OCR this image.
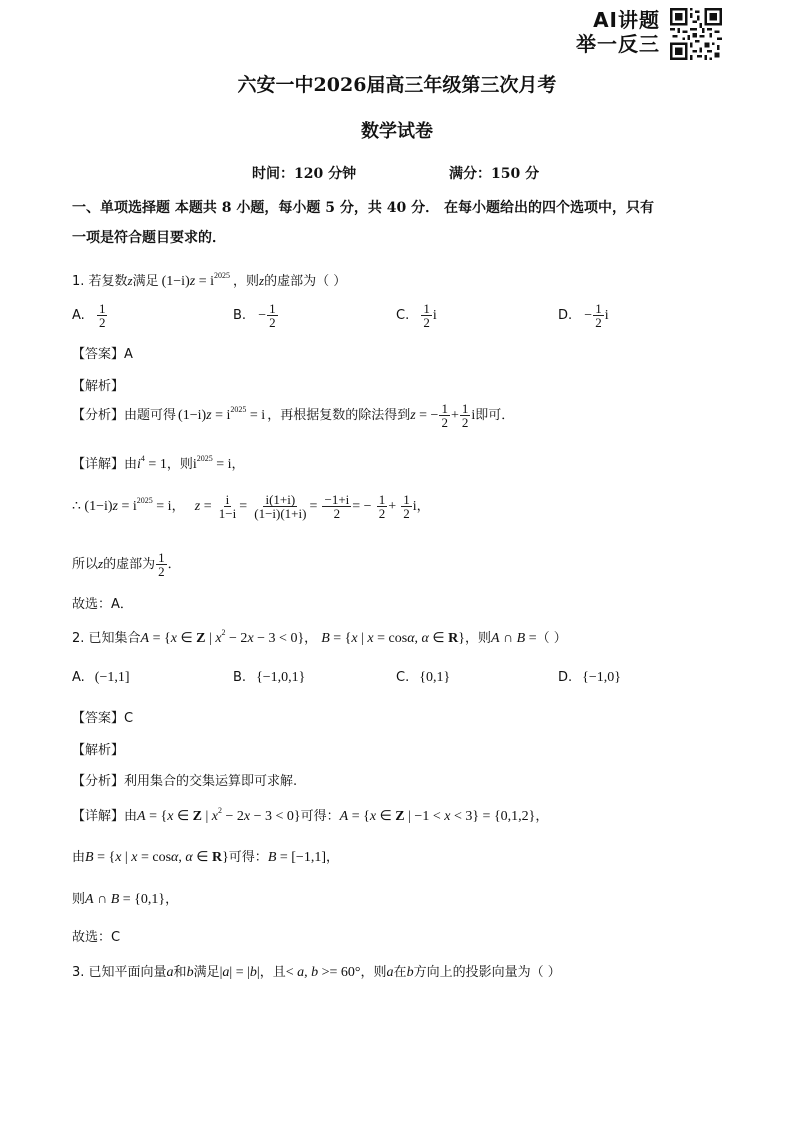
AI讲题
举一反三
六安一中2026届高三年级第三次月考
数学试卷
时间：120 分钟	满分：150 分
一、单项选择题 本题共 8 小题，每小题 5 分，共 40 分． 在每小题给出的四个选项中，只有
一项是符合题目要求的．
1. 若复数z满足 $(1-i)z = i^{2025}$ ，则z的虚部为（ ）
A. $\frac{1}{2}$	B. − $\frac{1}{2}$	C. $\frac{1}{2}$ i	D. − $\frac{1}{2}$ i
【答案】A
【解析】
【分析】由题可得 $(1-i)z = i^{2025} = i$ ，再根据复数的除法得到z = − $\frac{1}{2} + \frac{1}{2}$ i即可．
【详解】由$i^4 = 1$，则$i^{2025} = i$，
∴ $(1-i)z = i^{2025} = i$， $z = \frac{i}{1-i} = \frac{i(1+i)}{(1-i)(1+i)} = \frac{-1+i}{2}$ = − $\frac{1}{2} + \frac{1}{2}$ i，
所以z的虚部为 $\frac{1}{2}$ ．
故选：A．
2. 已知集合A = {x ∈ Z | $x^2 - 2x - 3 < 0$}， B = {x | x = cosα, α ∈ R}，则A ∩ B =（ ）
A. (−1,1]	B. {−1,0,1}	C. {0,1}	D. {−1,0}
【答案】C
【解析】
【分析】利用集合的交集运算即可求解.
【详解】由A = {x ∈ Z | $x^2 - 2x - 3 < 0$}可得：A = {x ∈ Z | −1 < x < 3} = {0,1,2}，
由B = {x | x = cosα, α ∈ R}可得：B = [−1,1]，
则A ∩ B = {0,1}，
故选：C
3. 已知平面向量a和b满足|a| = |b|，且< a, b >= 60°，则a在b方向上的投影向量为（ ）
